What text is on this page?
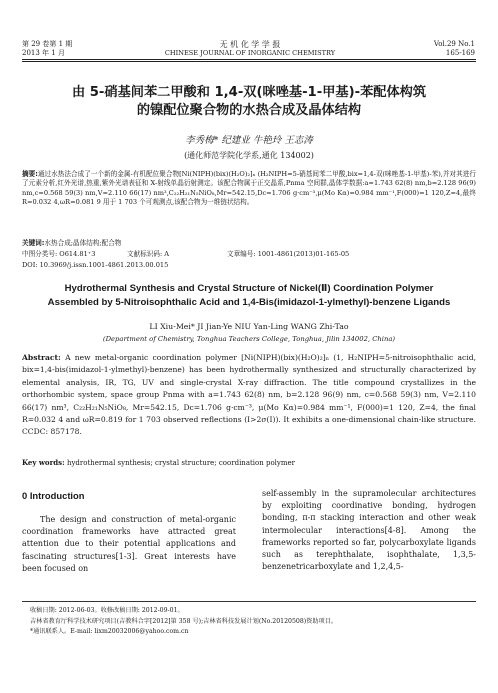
第 29 卷第 1 期
2013 年 1 月
无 机 化 学 学 报
CHINESE JOURNAL OF INORGANIC CHEMISTRY
Vol.29 No.1
165-169
由 5-硝基间苯二甲酸和 1,4-双(咪唑基-1-甲基)-苯配体构筑
的镍配位聚合物的水热合成及晶体结构
李秀梅* 纪建业 牛艳玲 王志涛
(通化师范学院化学系,通化 134002)
摘要:通过水热法合成了一个新的金属-有机配位聚合物[Ni(NIPH)(bix)(H₂O)₂]ₙ (H₂NIPH=5-硝基间苯二甲酸,bix=1,4-双(咪唑基-1-甲基)-苯),并对其进行了元素分析,红外光谱,热重,紫外光谱表征和 X-射线单晶衍射测定。该配合物属于正交晶系,Pnma 空间群,晶体学数据:a=1.743 62(8) nm,b=2.128 96(9) nm,c=0.568 59(3) nm,V=2.110 66(17) nm³,C₂₂H₂₁N₅NiO₈,Mr=542.15,Dc=1.706 g·cm⁻³,μ(Mo Kα)=0.984 mm⁻¹,F(000)=1 120,Z=4,最终 R=0.032 4,ωR=0.081 9 用于 1 703 个可观测点,该配合物为一维链状结构。
关键词:水热合成;晶体结构;配合物
中图分类号: O614.81⁺3	文献标识码: A	文章编号: 1001-4861(2013)01-165-05
DOI: 10.3969/j.issn.1001-4861.2013.00.015
Hydrothermal Synthesis and Crystal Structure of Nickel(Ⅱ) Coordination Polymer
Assembled by 5-Nitroisophthalic Acid and 1,4-Bis(imidazol-1-ylmethyl)-benzene Ligands
LI Xiu-Mei* JI Jian-Ye NIU Yan-Ling WANG Zhi-Tao
(Department of Chemistry, Tonghua Teachers College, Tonghua, Jilin 134002, China)
Abstract: A new metal-organic coordination polymer [Ni(NIPH)(bix)(H₂O)₂]ₙ (1, H₂NIPH=5-nitroisophthalic acid, bix=1,4-bis(imidazol-1-ylmethyl)-benzene) has been hydrothermally synthesized and structurally characterized by elemental analysis, IR, TG, UV and single-crystal X-ray diffraction. The title compound crystallizes in the orthorhombic system, space group Pnma with a=1.743 62(8) nm, b=2.128 96(9) nm, c=0.568 59(3) nm, V=2.110 66(17) nm³, C₂₂H₂₁N₅NiO₈, Mr=542.15, Dc=1.706 g·cm⁻³, μ(Mo Kα)=0.984 mm⁻¹, F(000)=1 120, Z=4, the final R=0.032 4 and ωR=0.819 for 1 703 observed reflections (I>2σ(I)). It exhibits a one-dimensional chain-like structure. CCDC: 857178.
Key words: hydrothermal synthesis; crystal structure; coordination polymer
0 Introduction
The design and construction of metal-organic coordination frameworks have attracted great attention due to their potential applications and fascinating structures[1-3]. Great interests have been focused on
self-assembly in the supramolecular architectures by exploiting coordinative bonding, hydrogen bonding, π-π stacking interaction and other weak intermolecular interactions[4-8]. Among the frameworks reported so far, polycarboxylate ligands such as terephthalate, isophthalate, 1,3,5-benzenetricarboxylate and 1,2,4,5-
收稿日期: 2012-06-03。收修改稿日期: 2012-09-01。
吉林省教育厅科学技术研究项目(吉教科合字[2012]第 358 号);吉林省科技发展计划(No.20120508)资助项目。
*通讯联系人。E-mail: lixm20032006@yahoo.com.cn
